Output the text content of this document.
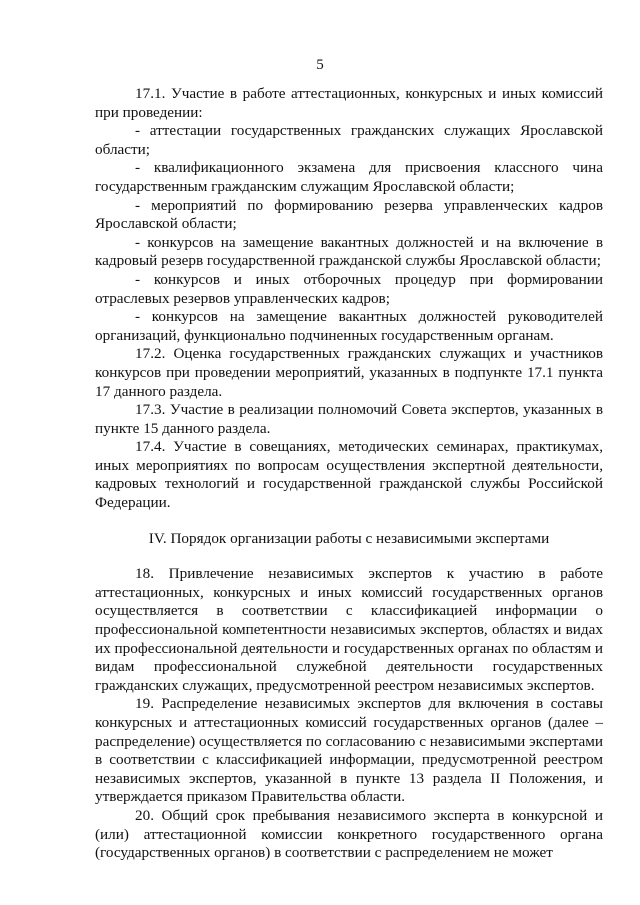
5

17.1. Участие в работе аттестационных, конкурсных и иных комиссий при проведении:

- аттестации государственных гражданских служащих Ярославской области;

- квалификационного экзамена для присвоения классного чина государственным гражданским служащим Ярославской области;

- мероприятий по формированию резерва управленческих кадров Ярославской области;

- конкурсов на замещение вакантных должностей и на включение в кадровый резерв государственной гражданской службы Ярославской области;

- конкурсов и иных отборочных процедур при формировании отраслевых резервов управленческих кадров;

- конкурсов на замещение вакантных должностей руководителей организаций, функционально подчиненных государственным органам.

17.2. Оценка государственных гражданских служащих и участников конкурсов при проведении мероприятий, указанных в подпункте 17.1 пункта 17 данного раздела.

17.3. Участие в реализации полномочий Совета экспертов, указанных в пункте 15 данного раздела.

17.4. Участие в совещаниях, методических семинарах, практикумах, иных мероприятиях по вопросам осуществления экспертной деятельности, кадровых технологий и государственной гражданской службы Российской Федерации.

IV. Порядок организации работы с независимыми экспертами

18. Привлечение независимых экспертов к участию в работе аттестационных, конкурсных и иных комиссий государственных органов осуществляется в соответствии с классификацией информации о профессиональной компетентности независимых экспертов, областях и видах их профессиональной деятельности и государственных органах по областям и видам профессиональной служебной деятельности государственных гражданских служащих, предусмотренной реестром независимых экспертов.

19. Распределение независимых экспертов для включения в составы конкурсных и аттестационных комиссий государственных органов (далее – распределение) осуществляется по согласованию с независимыми экспертами в соответствии с классификацией информации, предусмотренной реестром независимых экспертов, указанной в пункте 13 раздела II Положения, и утверждается приказом Правительства области.

20. Общий срок пребывания независимого эксперта в конкурсной и (или) аттестационной комиссии конкретного государственного органа (государственных органов) в соответствии с распределением не может
